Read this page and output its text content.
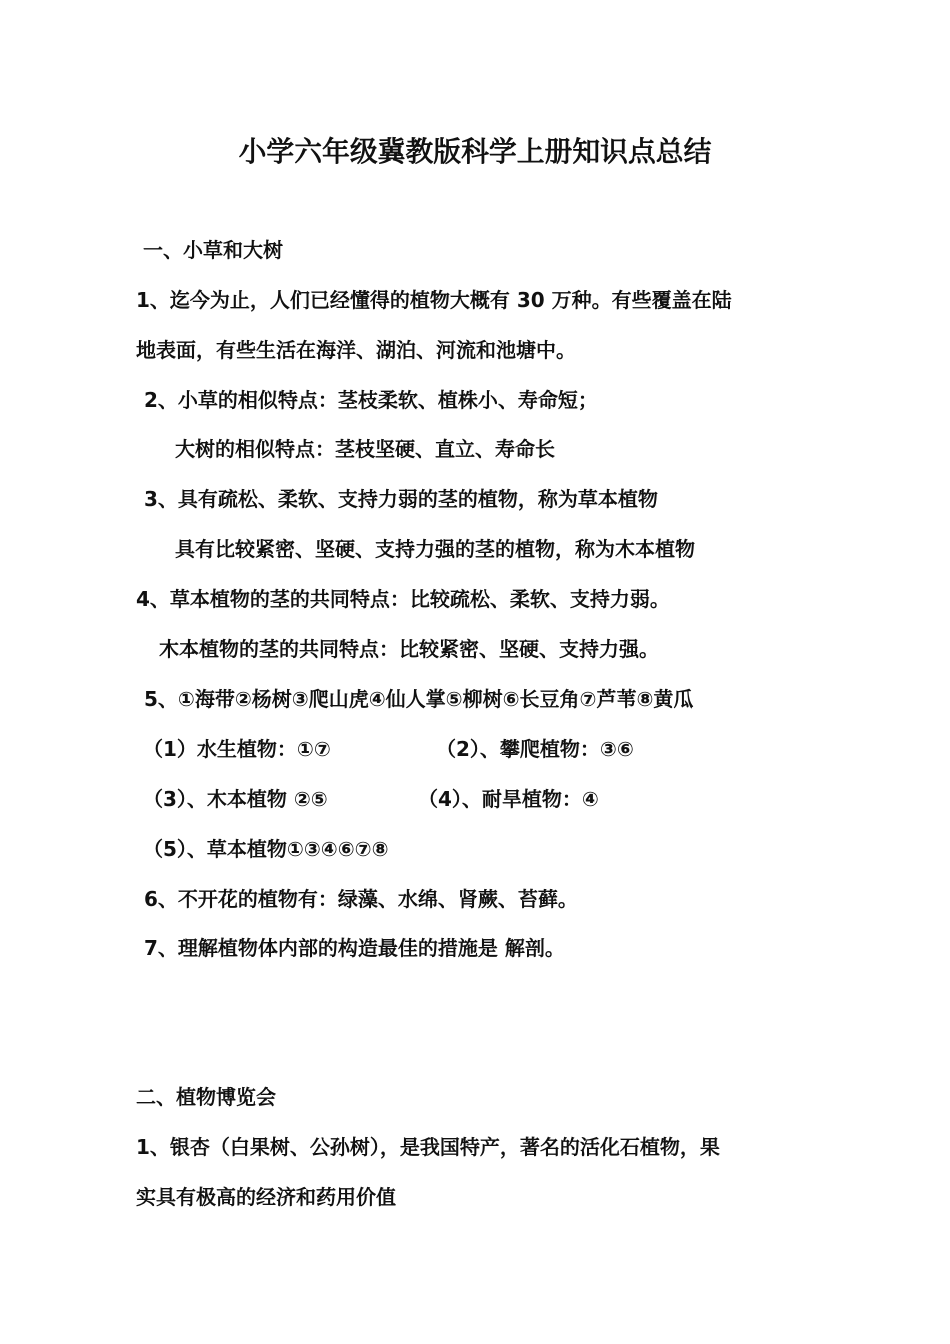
小学六年级冀教版科学上册知识点总结
一、小草和大树
1、迄今为止，人们已经懂得的植物大概有 30 万种。有些覆盖在陆
地表面，有些生活在海洋、湖泊、河流和池塘中。
2、小草的相似特点：茎枝柔软、植株小、寿命短；
大树的相似特点：茎枝坚硬、直立、寿命长
3、具有疏松、柔软、支持力弱的茎的植物，称为草本植物
具有比较紧密、坚硬、支持力强的茎的植物，称为木本植物
4、草本植物的茎的共同特点：比较疏松、柔软、支持力弱。
木本植物的茎的共同特点：比较紧密、坚硬、支持力强。
5、①海带②杨树③爬山虎④仙人掌⑤柳树⑥长豆角⑦芦苇⑧黄瓜
（1）水生植物：①⑦	（2）、攀爬植物：③⑥
（3）、木本植物 ②⑤	（4）、耐旱植物：④
（5）、草本植物①③④⑥⑦⑧
6、不开花的植物有：绿藻、水绵、肾蕨、苔藓。
7、理解植物体内部的构造最佳的措施是 解剖。
二、植物博览会
1、银杏（白果树、公孙树），是我国特产，著名的活化石植物，果
实具有极高的经济和药用价值
